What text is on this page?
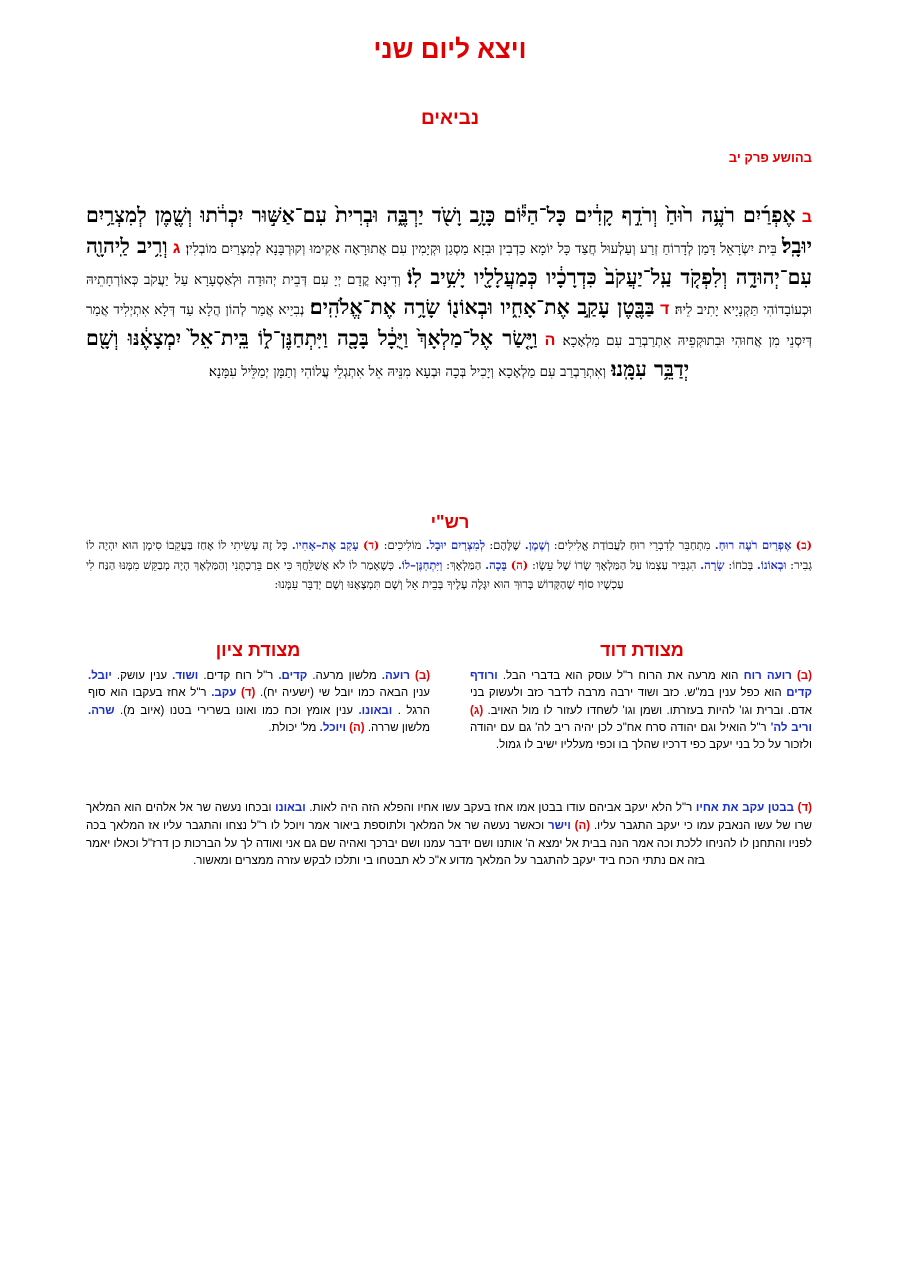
ויצא ליום שני
נביאים
בהושע פרק יב
ב אֶפְרַ֜יִם רֹעֶ֥ה ר֙וּחַ֙ וְרֹדֵ֣ף קָדִ֔ים כָּל־הַיּ֕וֹם כָּזָ֥ב וָשֹׁ֖ד יַרְבֶּ֑ה וּבְרִית֙ עִם־אַשּׁ֣וּר יִכְרֹ֔תוּ וְשֶׁ֖מֶן לְמִצְרַ֥יִם יוּבָֽל׃ בֵּית יִשְׂרָאֵל דָּמַן לְדָרוֹחַ זְרַע וְעַלְעוּל חֲצַד כָּל יוֹמָא כַדְבִין וּבִזָא מַסְגַן וּקְיָמִין עִם אֲתוּרָאָה אַקִימוּ וְקוּרְבָּנָא לְמִצְרַיִם מוֹבְלִין׃ ג וְרִ֥יב לַֽיהוָ֖ה עִם־יְהוּדָ֑ה וְלִפְקֹ֤ד עַֽל־יַעֲקֹב֙ כִּדְרָכָ֔יו כְּמַעֲלָלָ֖יו יָשִׁ֥יב לֽוֹ׃ וְדִינָא קֳדָם יְיָ עִם דְּבֵית יְהוּדָה וּלְאַסְעָרָא עַל יַעֲקֹב כְּאוֹרְחָתֵיהּ וּכְעוֹבָדוֹהִי תַּקְנָיָיא יָתִיב לֵיהּ׃ ד בַּבֶּ֖טֶן עָקַ֣ב אֶת־אָחִ֑יו וּבְאוֹנ֖וֹ שָׂרָ֥ה אֶת־אֱלֹהִֽים׃ נְבִיַיא אֲמַר לְהוֹן הֲלָא עַד דְּלָא אִתְיְלִיד אֲמַר דְּיִסְנֵי מִן אֲחוּהִי וּבִתוּקְפֵיהּ אִתְרַבְרַב עִם מַלְאָכָא׃ ה וַיָּ֤שַׂר אֶל־מַלְאָךְ֙ וַיֻּכָ֔ל בָּכָ֖ה וַיִּתְחַנֶּן־ל֑וֹ בֵּֽית־אֵל֙ יִמְצָאֶ֔נּוּ וְשָׁ֖ם יְדַבֵּ֥ר עִמָּֽנוּ׃ וְאִתְרַבְרַב עִם מַלְאָכָא וְיָכִיל בְּכָה וּבְעָא מִנֵּיהּ אֵל אִתְגְלֵי עֲלוֹהִי וְתַמָּן יְמַלֵּיל עִמָּנָא׃
רש"י
(ב) אֶפְרַיִם רֹעֶה רוּחַ. מִתְחַבֵּר לְדִבְרֵי רוּחַ לַעֲבוֹדַת אֱלִילִים: וְשֶׁמֶן. שֶׁלָּהֶם: לְמִצְרַיִם יוּבָל. מוֹלִיכִים: (ד) עָקַב אֶת–אָחִיו. כָּל זֶה עָשִׂיתִי לוֹ אָחַז בַּעֲקֵבוֹ סִימָן הוּא יִהְיֶה לוֹ גְבִיר: וּבְאוֹנוֹ. בְּכֹחוֹ: שָׂרָה. הִגְבִּיר עַצְמוֹ עַל הַמַּלְאָךְ שָׂרוֹ שֶׁל עֵשָׂו: (ה) בָּכָה. הַמַּלְאָךְ: וַיִּתְחַנֶּן–לוֹ. כְּשֶׁאָמַר לוֹ לֹא אֲשַׁלֵּחֲךָ כִּי אִם בֵּרַכְתָּנִי וְהַמַּלְאָךְ הָיָה מְבַקֵּשׁ מִמֶּנּוּ הַנַּח לִי עַכְשָׁיו סוֹף שֶׁהַקָּדוֹשׁ בָּרוּךְ הוּא יִגָּלֶה עָלֶיךָ בְּבֵית אֵל וְשָׁם תִּמְצָאֶנּוּ וְשָׁם יְדַבֵּר עִמָּנוּ:
מצודת דוד
מצודת ציון
(ב) רועה רוח הוא מרעה את הרוח ר"ל עוסק הוא בדברי הבל. ורודף קדים הוא כפל ענין במ"ש. כזב ושוד ירבה מרבה לדבר כזב ולעשוק בני אדם. וברית וגו' להיות בעזרתו. ושמן וגו' לשחדו לעזור לו מול האויב. (ג) וריב לה' ר"ל הואיל וגם יהודה סרח אח"כ לכן יהיה ריב לה' גם עם יהודה ולזכור על כל בני יעקב כפי דרכיו שהלך בו וכפי מעלליו ישיב לו גמול.
(ב) רועה. מלשון מרעה. קדים. ר"ל רוח קדים. ושוד. ענין עושק. יובל. ענין הבאה כמו יובל שי (ישעיה יח). (ד) עקב. ר"ל אחז בעקבו הוא סוף הרגל . ובאונו. ענין אומץ וכח כמו ואונו בשרירי בטנו (איוב מ). שרה. מלשון שררה. (ה) ויוכל. מל' יכולת.
(ד) בבטן עקב את אחיו ר"ל הלא יעקב אביהם עודו בבטן אמו אחז בעקב עשו אחיו והפלא הזה היה לאות. ובאונו ובכחו נעשה שר אל אלהים הוא המלאך שרו של עשו הנאבק עמו כי יעקב התגבר עליו. (ה) וישר וכאשר נעשה שר אל המלאך ולתוספת ביאור אמר ויוכל לו ר"ל נצחו והתגבר עליו אז המלאך בכה לפניו והתחנן לו להניחו ללכת וכה אמר הנה בבית אל ימצא ה' אותנו ושם ידבר עמנו ושם יברכך ואהיה שם גם אני ואודה לך על הברכות כן דרז"ל וכאלו יאמר בזה אם נתתי הכח ביד יעקב להתגבר על המלאך מדוע א"כ לא תבטחו בי ותלכו לבקש עזרה ממצרים ומאשור.
